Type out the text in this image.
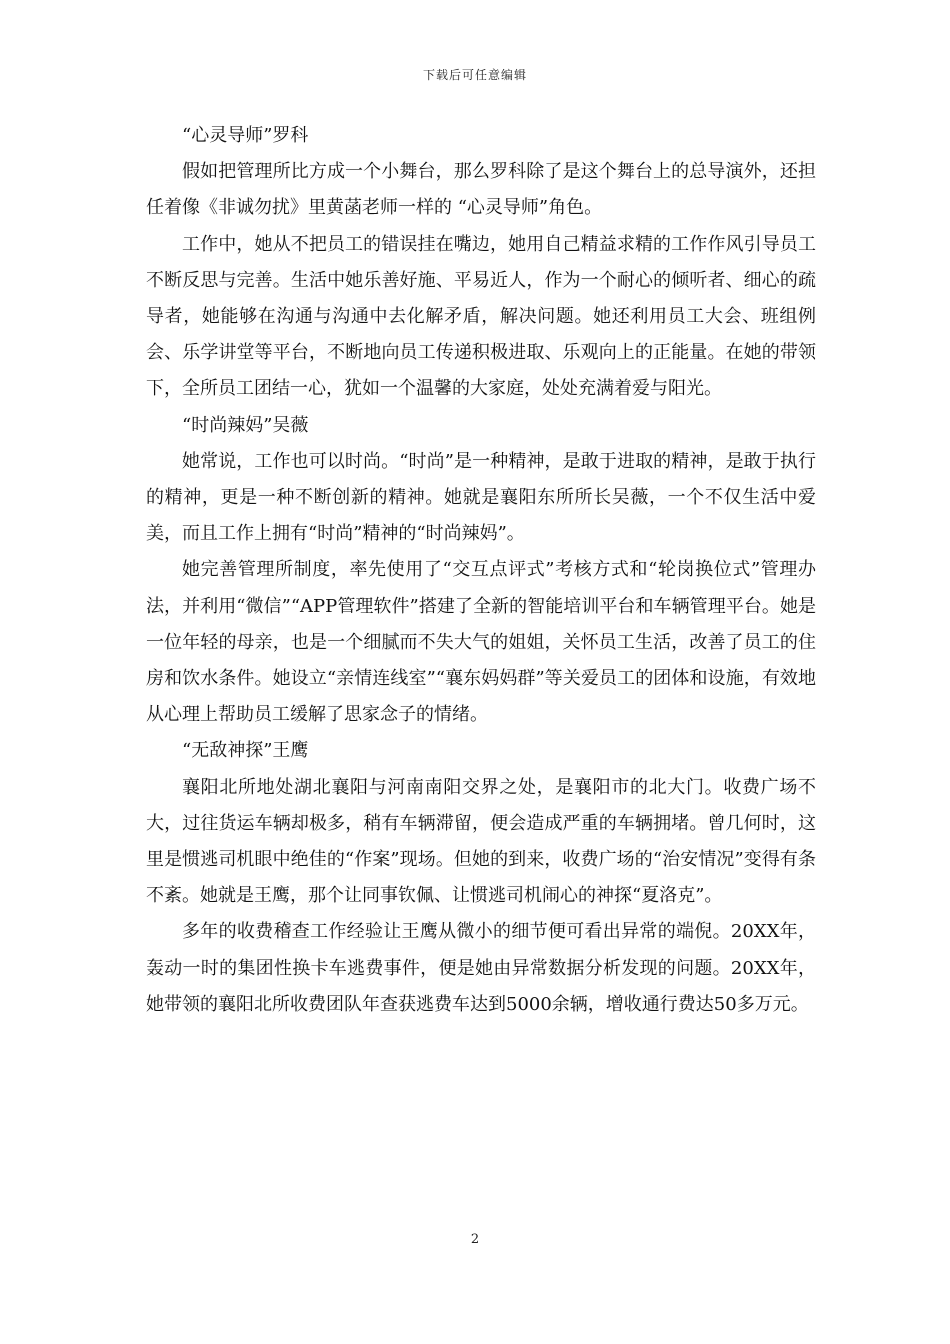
下载后可任意编辑

“心灵导师”罗科

假如把管理所比方成一个小舞台，那么罗科除了是这个舞台上的总导演外，还担任着像《非诚勿扰》里黄菡老师一样的 “心灵导师”角色。

工作中，她从不把员工的错误挂在嘴边，她用自己精益求精的工作作风引导员工不断反思与完善。生活中她乐善好施、平易近人，作为一个耐心的倾听者、细心的疏导者，她能够在沟通与沟通中去化解矛盾，解决问题。她还利用员工大会、班组例会、乐学讲堂等平台，不断地向员工传递积极进取、乐观向上的正能量。在她的带领下，全所员工团结一心，犹如一个温馨的大家庭，处处充满着爱与阳光。

“时尚辣妈”吴薇

她常说，工作也可以时尚。“时尚”是一种精神，是敢于进取的精神，是敢于执行的精神，更是一种不断创新的精神。她就是襄阳东所所长吴薇，一个不仅生活中爱美，而且工作上拥有“时尚”精神的“时尚辣妈”。

她完善管理所制度，率先使用了“交互点评式”考核方式和“轮岗换位式”管理办法，并利用“微信”“APP管理软件”搭建了全新的智能培训平台和车辆管理平台。她是一位年轻的母亲，也是一个细腻而不失大气的姐姐，关怀员工生活，改善了员工的住房和饮水条件。她设立“亲情连线室”“襄东妈妈群”等关爱员工的团体和设施，有效地从心理上帮助员工缓解了思家念子的情绪。

“无敌神探”王鹰

襄阳北所地处湖北襄阳与河南南阳交界之处，是襄阳市的北大门。收费广场不大，过往货运车辆却极多，稍有车辆滞留，便会造成严重的车辆拥堵。曾几何时，这里是惯逃司机眼中绝佳的“作案”现场。但她的到来，收费广场的“治安情况”变得有条不紊。她就是王鹰，那个让同事钦佩、让惯逃司机闹心的神探“夏洛克”。

多年的收费稽查工作经验让王鹰从微小的细节便可看出异常的端倪。20XX年，轰动一时的集团性换卡车逃费事件，便是她由异常数据分析发现的问题。20XX年，她带领的襄阳北所收费团队年查获逃费车达到5000余辆，增收通行费达50多万元。

2
